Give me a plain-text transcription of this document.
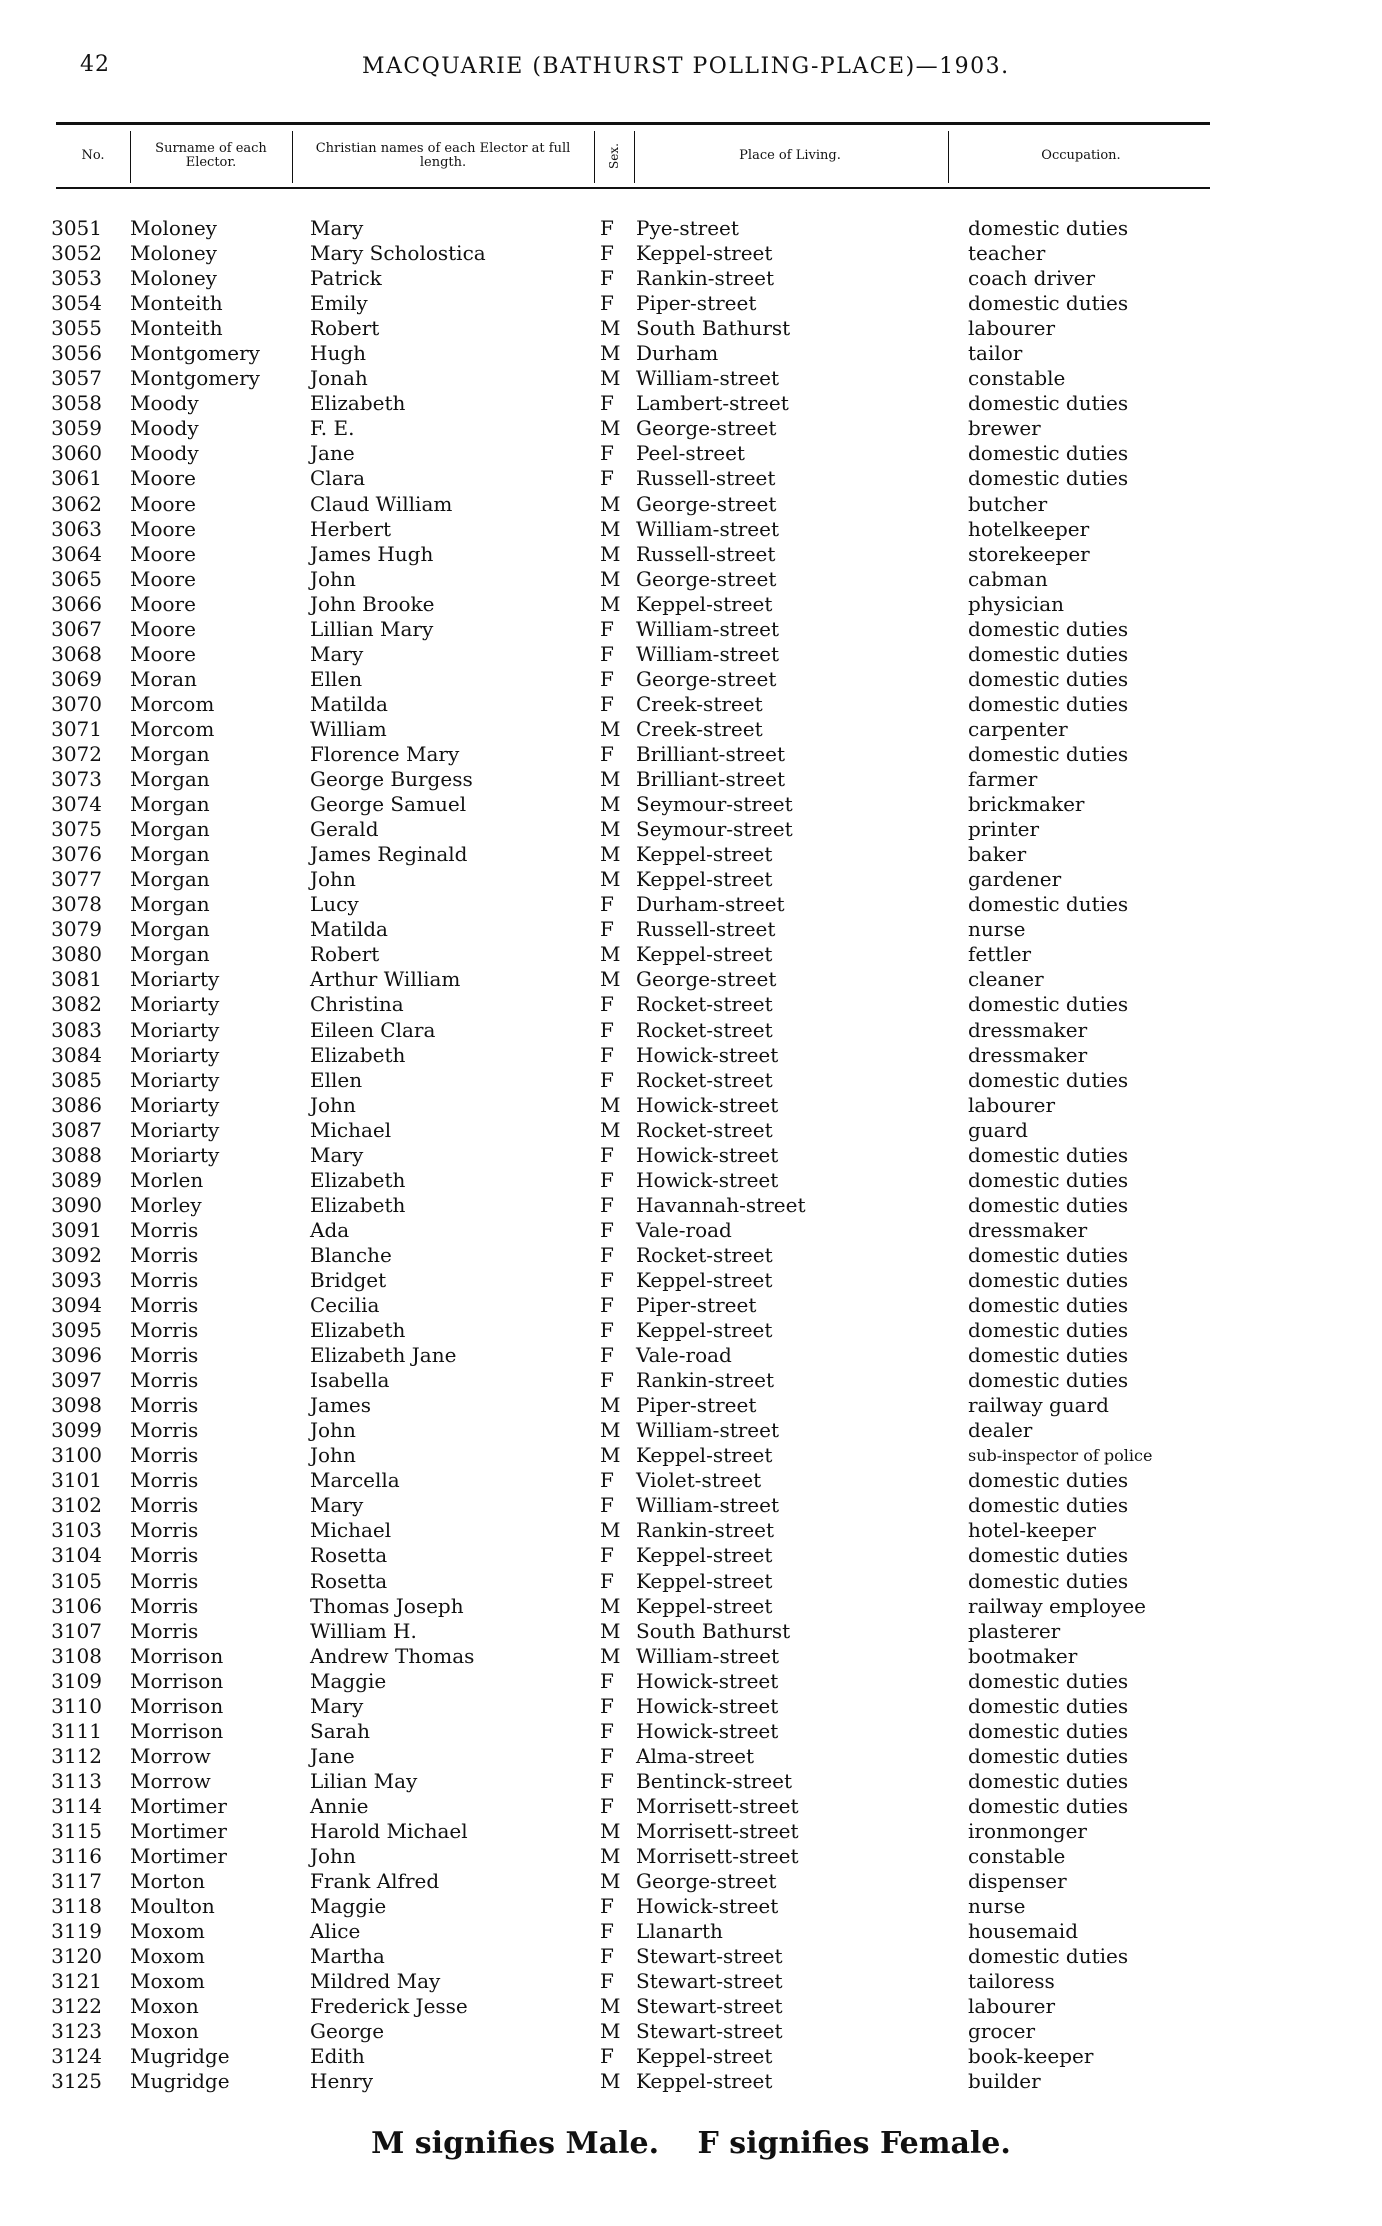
42	MACQUARIE (BATHURST POLLING-PLACE)—1903.
No.	Surname of each Elector.
Christian names of each Elector at full length.	Sex.	Place of Living.	Occupation.
3051 Moloney	Mary	F Pye-street	domestic duties
3052 Moloney	Mary Scholostica	F Keppel-street	teacher
3053 Moloney	Patrick	F Rankin-street	coach driver
3054 Monteith	Emily	F Piper-street	domestic duties
3055 Monteith	Robert	M South Bathurst	labourer
3056 Montgomery	Hugh	M Durham	tailor
3057 Montgomery	Jonah	M William-street	constable
3058 Moody	Elizabeth	F Lambert-street	domestic duties
3059 Moody	F. E.	M George-street	brewer
3060 Moody	Jane	F Peel-street	domestic duties
3061 Moore	Clara	F Russell-street	domestic duties
3062 Moore	Claud William	M George-street	butcher
3063 Moore	Herbert	M William-street	hotelkeeper
3064 Moore	James Hugh	M Russell-street	storekeeper
3065 Moore	John	M George-street	cabman
3066 Moore	John Brooke	M Keppel-street	physician
3067 Moore	Lillian Mary	F William-street	domestic duties
3068 Moore	Mary	F William-street	domestic duties
3069 Moran	Ellen	F George-street	domestic duties
3070 Morcom	Matilda	F Creek-street	domestic duties
3071 Morcom	William	M Creek-street	carpenter
3072 Morgan	Florence Mary	F Brilliant-street	domestic duties
3073 Morgan	George Burgess	M Brilliant-street	farmer
3074 Morgan	George Samuel	M Seymour-street	brickmaker
3075 Morgan	Gerald	M Seymour-street	printer
3076 Morgan	James Reginald	M Keppel-street	baker
3077 Morgan	John	M Keppel-street	gardener
3078 Morgan	Lucy	F Durham-street	domestic duties
3079 Morgan	Matilda	F Russell-street	nurse
3080 Morgan	Robert	M Keppel-street	fettler
3081 Moriarty	Arthur William	M George-street	cleaner
3082 Moriarty	Christina	F Rocket-street	domestic duties
3083 Moriarty	Eileen Clara	F Rocket-street	dressmaker
3084 Moriarty	Elizabeth	F Howick-street	dressmaker
3085 Moriarty	Ellen	F Rocket-street	domestic duties
3086 Moriarty	John	M Howick-street	labourer
3087 Moriarty	Michael	M Rocket-street	guard
3088 Moriarty	Mary	F Howick-street	domestic duties
3089 Morlen	Elizabeth	F Howick-street	domestic duties
3090 Morley	Elizabeth	F Havannah-street	domestic duties
3091 Morris	Ada	F Vale-road	dressmaker
3092 Morris	Blanche	F Rocket-street	domestic duties
3093 Morris	Bridget	F Keppel-street	domestic duties
3094 Morris	Cecilia	F Piper-street	domestic duties
3095 Morris	Elizabeth	F Keppel-street	domestic duties
3096 Morris	Elizabeth Jane	F Vale-road	domestic duties
3097 Morris	Isabella	F Rankin-street	domestic duties
3098 Morris	James	M Piper-street	railway guard
3099 Morris	John	M William-street	dealer
3100 Morris	John	M Keppel-street	sub-inspector of police
3101 Morris	Marcella	F Violet-street	domestic duties
3102 Morris	Mary	F William-street	domestic duties
3103 Morris	Michael	M Rankin-street	hotel-keeper
3104 Morris	Rosetta	F Keppel-street	domestic duties
3105 Morris	Rosetta	F Keppel-street	domestic duties
3106 Morris	Thomas Joseph	M Keppel-street	railway employee
3107 Morris	William H.	M South Bathurst	plasterer
3108 Morrison	Andrew Thomas	M William-street	bootmaker
3109 Morrison	Maggie	F Howick-street	domestic duties
3110 Morrison	Mary	F Howick-street	domestic duties
3111 Morrison	Sarah	F Howick-street	domestic duties
3112 Morrow	Jane	F Alma-street	domestic duties
3113 Morrow	Lilian May	F Bentinck-street	domestic duties
3114 Mortimer	Annie	F Morrisett-street	domestic duties
3115 Mortimer	Harold Michael	M Morrisett-street	ironmonger
3116 Mortimer	John	M Morrisett-street	constable
3117 Morton	Frank Alfred	M George-street	dispenser
3118 Moulton	Maggie	F Howick-street	nurse
3119 Moxom	Alice	F Llanarth	housemaid
3120 Moxom	Martha	F Stewart-street	domestic duties
3121 Moxom	Mildred May	F Stewart-street	tailoress
3122 Moxon	Frederick Jesse	M Stewart-street	labourer
3123 Moxon	George	M Stewart-street	grocer
3124 Mugridge	Edith	F Keppel-street	book-keeper
3125 Mugridge	Henry	M Keppel-street	builder
M signifies Male. F signifies Female.
